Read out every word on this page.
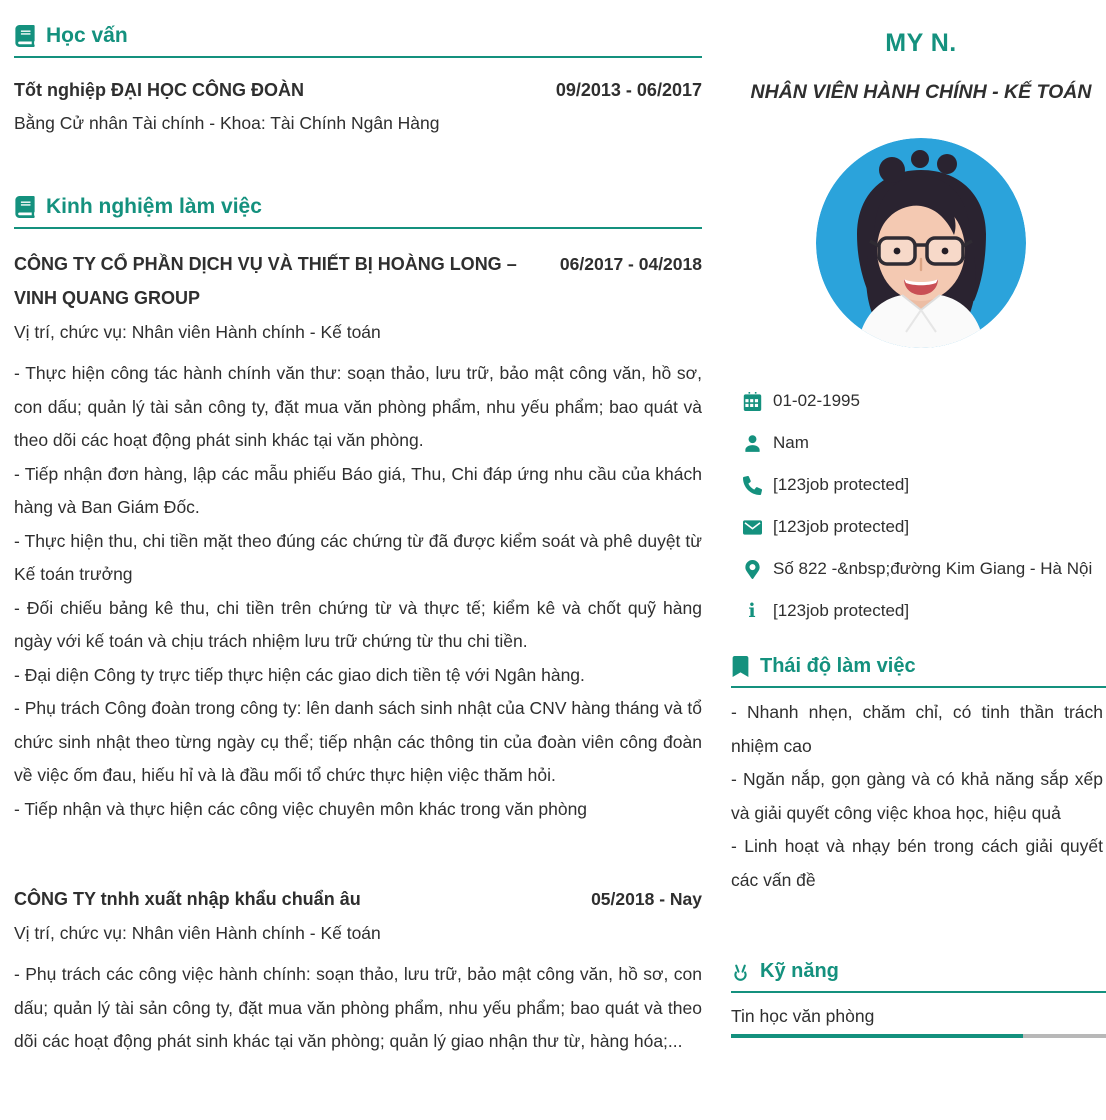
Học vấn
Tốt nghiệp ĐẠI HỌC CÔNG ĐOÀN	09/2013 - 06/2017
Bằng Cử nhân Tài chính - Khoa: Tài Chính Ngân Hàng
Kinh nghiệm làm việc
CÔNG TY CỔ PHẦN DỊCH VỤ VÀ THIẾT BỊ HOÀNG LONG – VINH QUANG GROUP
06/2017 - 04/2018
Vị trí, chức vụ: Nhân viên Hành chính - Kế toán

- Thực hiện công tác hành chính văn thư: soạn thảo, lưu trữ, bảo mật công văn, hồ sơ, con dấu; quản lý tài sản công ty, đặt mua văn phòng phẩm, nhu yếu phẩm; bao quát và theo dõi các hoạt động phát sinh khác tại văn phòng.

- Tiếp nhận đơn hàng, lập các mẫu phiếu Báo giá, Thu, Chi đáp ứng nhu cầu của khách hàng và Ban Giám Đốc.

- Thực hiện thu, chi tiền mặt theo đúng các chứng từ đã được kiểm soát và phê duyệt từ Kế toán trưởng

- Đối chiếu bảng kê thu, chi tiền trên chứng từ và thực tế; kiểm kê và chốt quỹ hàng ngày với kế toán và chịu trách nhiệm lưu trữ chứng từ thu chi tiền.

- Đại diện Công ty trực tiếp thực hiện các giao dich tiền tệ với Ngân hàng.

- Phụ trách Công đoàn trong công ty: lên danh sách sinh nhật của CNV hàng tháng và tổ chức sinh nhật theo từng ngày cụ thể; tiếp nhận các thông tin của đoàn viên công đoàn về việc ốm đau, hiếu hỉ và là đầu mối tổ chức thực hiện việc thăm hỏi.

- Tiếp nhận và thực hiện các công việc chuyên môn khác trong văn phòng

CÔNG TY tnhh xuất nhập khẩu chuẩn âu	05/2018 - Nay
Vị trí, chức vụ: Nhân viên Hành chính - Kế toán

- Phụ trách các công việc hành chính: soạn thảo, lưu trữ, bảo mật công văn, hồ sơ, con dấu; quản lý tài sản công ty, đặt mua văn phòng phẩm, nhu yếu phẩm; bao quát và theo dõi các hoạt động phát sinh khác tại văn phòng; quản lý giao nhận thư từ, hàng hóa;...

MY N.
NHÂN VIÊN HÀNH CHÍNH - KẾ TOÁN
01-02-1995
Nam
[123job protected]
[123job protected]
Số 822 -&nbsp;đường Kim Giang - Hà Nội
i [123job protected]
Thái độ làm việc

- Nhanh nhẹn, chăm chỉ, có tinh thần trách nhiệm cao

- Ngăn nắp, gọn gàng và có khả năng sắp xếp và giải quyết công việc khoa học, hiệu quả

- Linh hoạt và nhạy bén trong cách giải quyết các vấn đề

Kỹ năng
Tin học văn phòng
